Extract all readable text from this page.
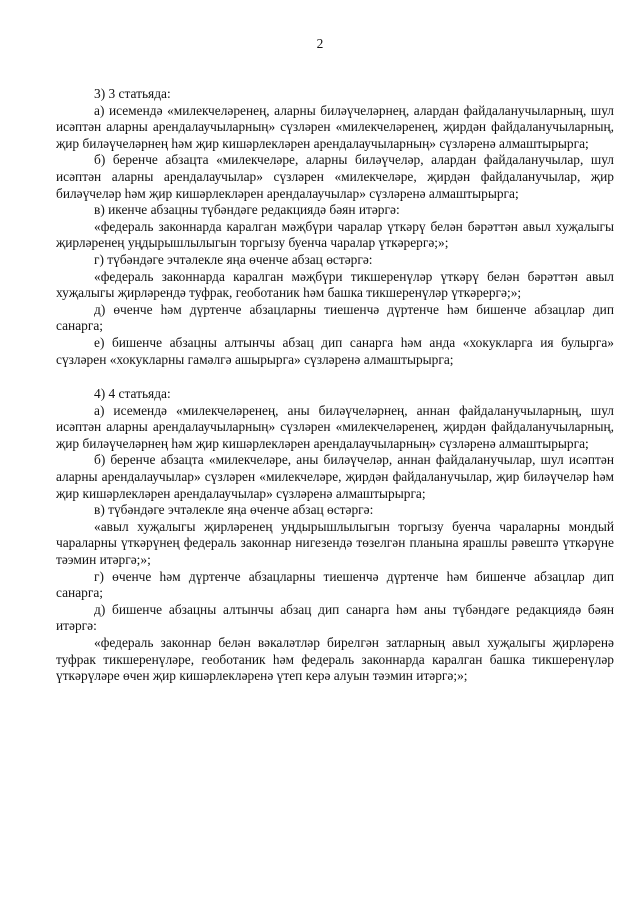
2

3) 3 статьяда:

а) исемендә «милекчеләренең, аларны биләүчеләрнең, алардан файдаланучыларның, шул исәптән аларны арендалаучыларның» сүзләрен «милекчеләренең, җирдән файдаланучыларның, җир биләүчеләрнең һәм җир кишәрлекләрен арендалаучыларның» сүзләренә алмаштырырга;

б) беренче абзацта «милекчеләре, аларны биләүчеләр, алардан файдаланучылар, шул исәптән аларны арендалаучылар» сүзләрен «милекчеләре, җирдән файдаланучылар, җир биләүчеләр һәм җир кишәрлекләрен арендалаучылар» сүзләренә алмаштырырга;

в) икенче абзацны түбәндәге редакциядә бәян итәргә:

«федераль законнарда каралган мәҗбүри чаралар үткәрү белән бәрәттән авыл хуҗалыгы җирләренең уңдырышлылыгын торгызу буенча чаралар үткәрергә;»;

г) түбәндәге эчтәлекле яңа өченче абзац өстәргә:

«федераль законнарда каралган мәҗбүри тикшеренүләр үткәрү белән бәрәттән авыл хуҗалыгы җирләрендә туфрак, геоботаник һәм башка тикшеренүләр үткәрергә;»;

д) өченче һәм дүртенче абзацларны тиешенчә дүртенче һәм бишенче абзацлар дип санарга;

е) бишенче абзацны алтынчы абзац дип санарга һәм анда «хокукларга ия булырга» сүзләрен «хокукларны гамәлгә ашырырга» сүзләренә алмаштырырга;

4) 4 статьяда:

а) исемендә «милекчеләренең, аны биләүчеләрнең, аннан файдаланучыларның, шул исәптән аларны арендалаучыларның» сүзләрен «милекчеләренең, җирдән файдаланучыларның, җир биләүчеләрнең һәм җир кишәрлекләрен арендалаучыларның» сүзләренә алмаштырырга;

б) беренче абзацта «милекчеләре, аны биләүчеләр, аннан файдаланучылар, шул исәптән аларны арендалаучылар» сүзләрен «милекчеләре, җирдән файдаланучылар, җир биләүчеләр һәм җир кишәрлекләрен арендалаучылар» сүзләренә алмаштырырга;

в) түбәндәге эчтәлекле яңа өченче абзац өстәргә:

«авыл хуҗалыгы җирләренең уңдырышлылыгын торгызу буенча чараларны мондый чараларны үткәрүнең федераль законнар нигезендә төзелгән планына ярашлы рәвештә үткәрүне тәэмин итәргә;»;

г) өченче һәм дүртенче абзацларны тиешенчә дүртенче һәм бишенче абзацлар дип санарга;

д) бишенче абзацны алтынчы абзац дип санарга һәм аны түбәндәге редакциядә бәян итәргә:

«федераль законнар белән вәкаләтләр бирелгән затларның авыл хуҗалыгы җирләренә туфрак тикшеренүләре, геоботаник һәм федераль законнарда каралган башка тикшеренүләр үткәрүләре өчен җир кишәрлекләренә үтеп керә алуын тәэмин итәргә;»;
